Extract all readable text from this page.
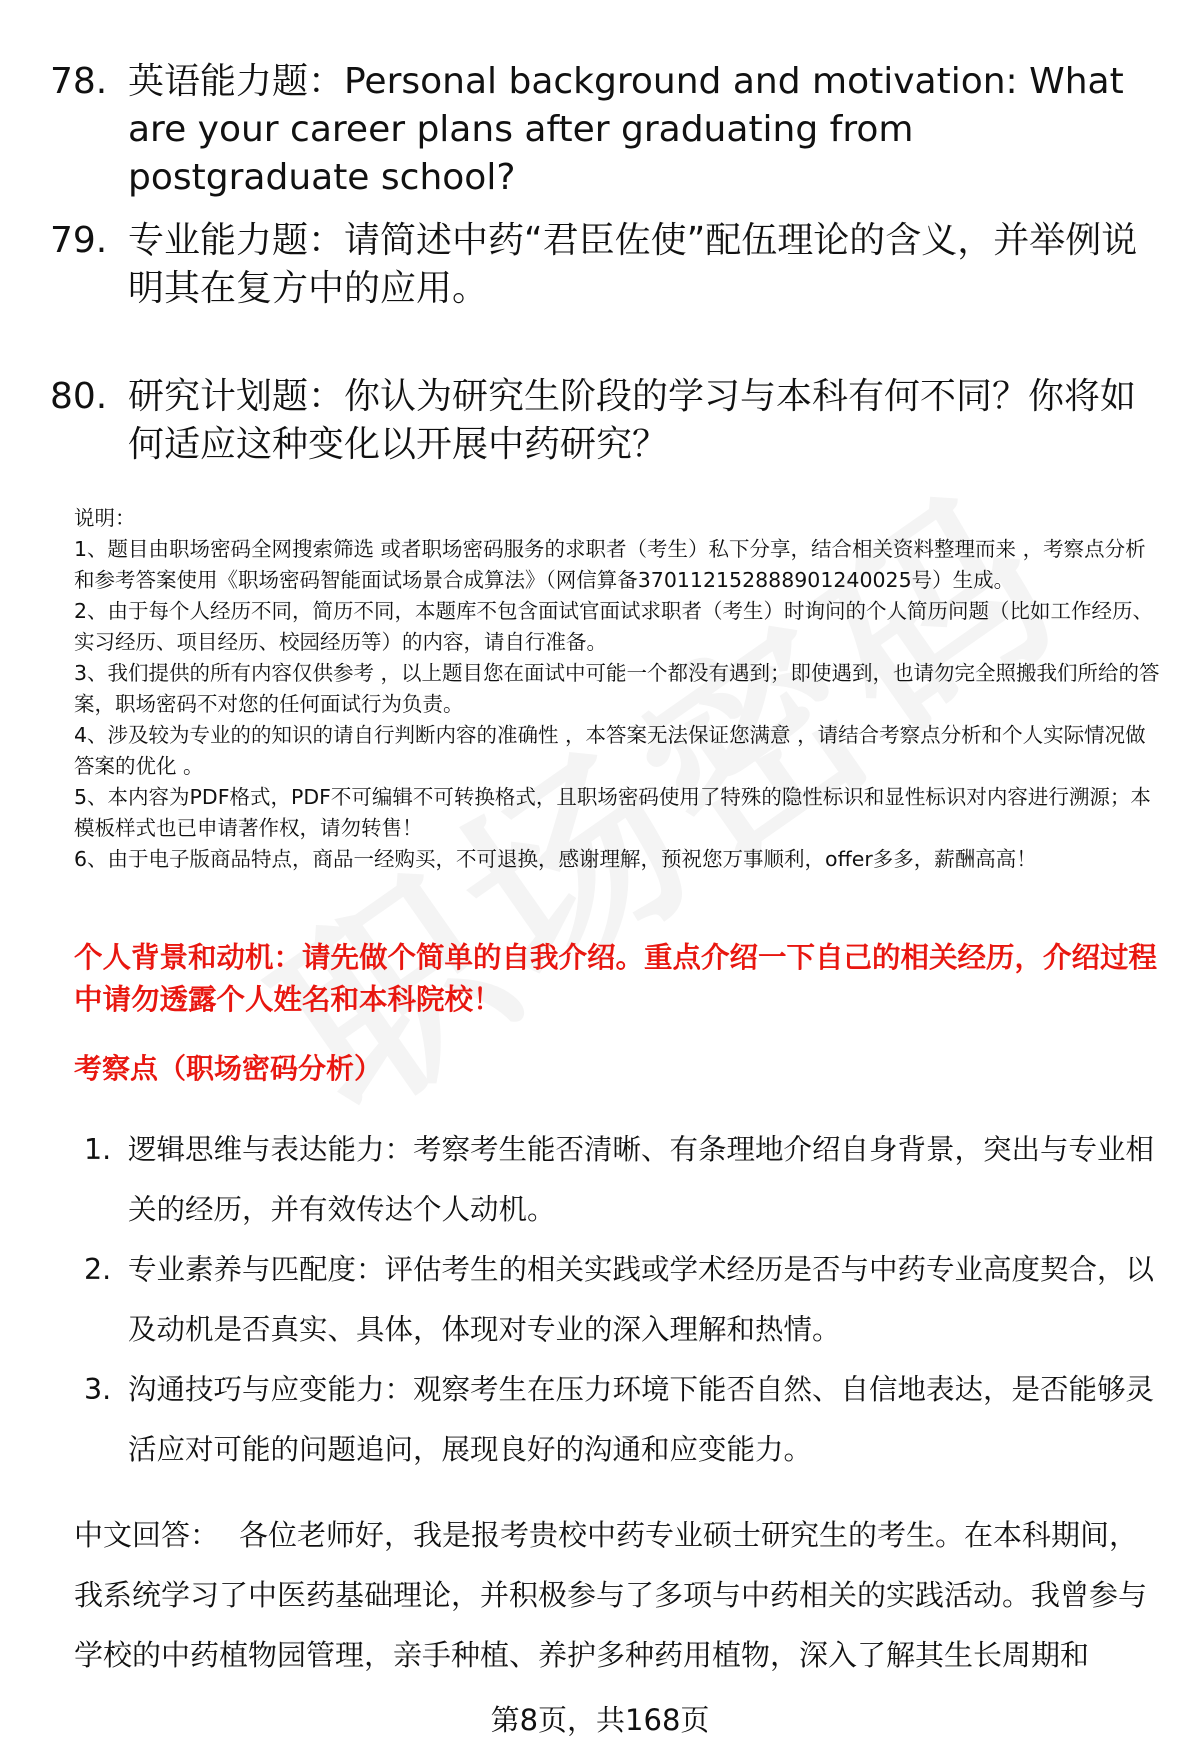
78. 英语能力题：Personal background and motivation: What are your career plans after graduating from postgraduate school?
79. 专业能力题：请简述中药“君臣佐使”配伍理论的含义，并举例说明其在复方中的应用。
80. 研究计划题：你认为研究生阶段的学习与本科有何不同？你将如何适应这种变化以开展中药研究？
说明：
1、题目由职场密码全网搜索筛选 或者职场密码服务的求职者（考生）私下分享，结合相关资料整理而来 ，考察点分析和参考答案使用《职场密码智能面试场景合成算法》（网信算备370112152888901240025号）生成。
2、由于每个人经历不同，简历不同，本题库不包含面试官面试求职者（考生）时询问的个人简历问题（比如工作经历、实习经历、项目经历、校园经历等）的内容，请自行准备。
3、我们提供的所有内容仅供参考 ，以上题目您在面试中可能一个都没有遇到；即使遇到，也请勿完全照搬我们所给的答案，职场密码不对您的任何面试行为负责。
4、涉及较为专业的的知识的请自行判断内容的准确性 ，本答案无法保证您满意 ，请结合考察点分析和个人实际情况做答案的优化 。
5、本内容为PDF格式，PDF不可编辑不可转换格式，且职场密码使用了特殊的隐性标识和显性标识对内容进行溯源；本模板样式也已申请著作权，请勿转售！
6、由于电子版商品特点，商品一经购买，不可退换，感谢理解，预祝您万事顺利，offer多多，薪酬高高！
个人背景和动机：请先做个简单的自我介绍。重点介绍一下自己的相关经历，介绍过程中请勿透露个人姓名和本科院校！
考察点（职场密码分析）
1. 逻辑思维与表达能力：考察考生能否清晰、有条理地介绍自身背景，突出与专业相关的经历，并有效传达个人动机。
2. 专业素养与匹配度：评估考生的相关实践或学术经历是否与中药专业高度契合，以及动机是否真实、具体，体现对专业的深入理解和热情。
3. 沟通技巧与应变能力：观察考生在压力环境下能否自然、自信地表达，是否能够灵活应对可能的问题追问，展现良好的沟通和应变能力。
中文回答： 各位老师好，我是报考贵校中药专业硕士研究生的考生。在本科期间，我系统学习了中医药基础理论，并积极参与了多项与中药相关的实践活动。我曾参与学校的中药植物园管理，亲手种植、养护多种药用植物，深入了解其生长周期和
第8页，共168页
